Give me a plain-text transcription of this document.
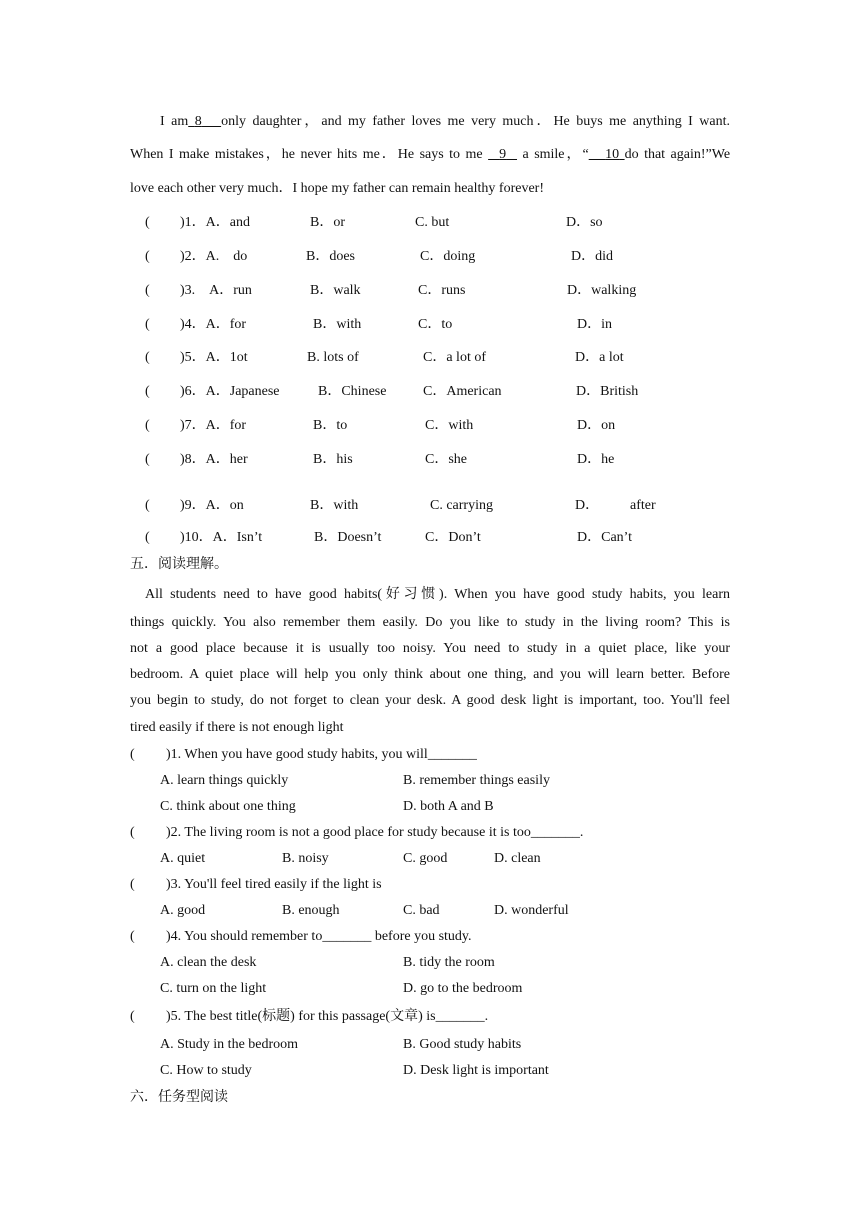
I am 8 only daughter，and my father loves me very much．He buys me anything I want.
When I make mistakes，he never hits me．He says to me 9 a smile，“ 10 do that again!”We
love each other very much．I hope my father can remain healthy forever!
( )1．A．and	B．or	C. but	D．so
( )2．A.　do	B．does	C．doing	D．did
( )3.　A．run	B．walk	C．runs	D．walking
( )4．A．for	B．with	C．to	D．in
( )5．A．1ot	B. lots of	C．a lot of	D．a lot
( )6．A．Japanese	B．Chinese	C．American	D．British
( )7．A．for	B．to	C．with	D．on
( )8．A．her	B．his	C．she	D．he
( )9．A．on	B．with	C. carrying	D． after
( )10．A．Isn’t	B．Doesn’t	C．Don’t	D．Can’t
五．阅读理解。
All students need to have good habits(好习惯). When you have good study habits, you learn
things quickly. You also remember them easily. Do you like to study in the living room? This is
not a good place because it is usually too noisy. You need to study in a quiet place, like your
bedroom. A quiet place will help you only think about one thing, and you will learn better. Before
you begin to study, do not forget to clean your desk. A good desk light is important, too. You'll feel
tired easily if there is not enough light
( )1. When you have good study habits, you will_______
A. learn things quickly	B. remember things easily
C. think about one thing	D. both A and B
( )2. The living room is not a good place for study because it is too_______.
A. quiet	B. noisy	C. good	D. clean
( )3. You'll feel tired easily if the light is
A. good	B. enough	C. bad	D. wonderful
( )4. You should remember to_______ before you study.
A. clean the desk	B. tidy the room
C. turn on the light	D. go to the bedroom
( )5. The best title(标题) for this passage(文章) is_______.
A. Study in the bedroom	B. Good study habits
C. How to study	D. Desk light is important
六．任务型阅读
